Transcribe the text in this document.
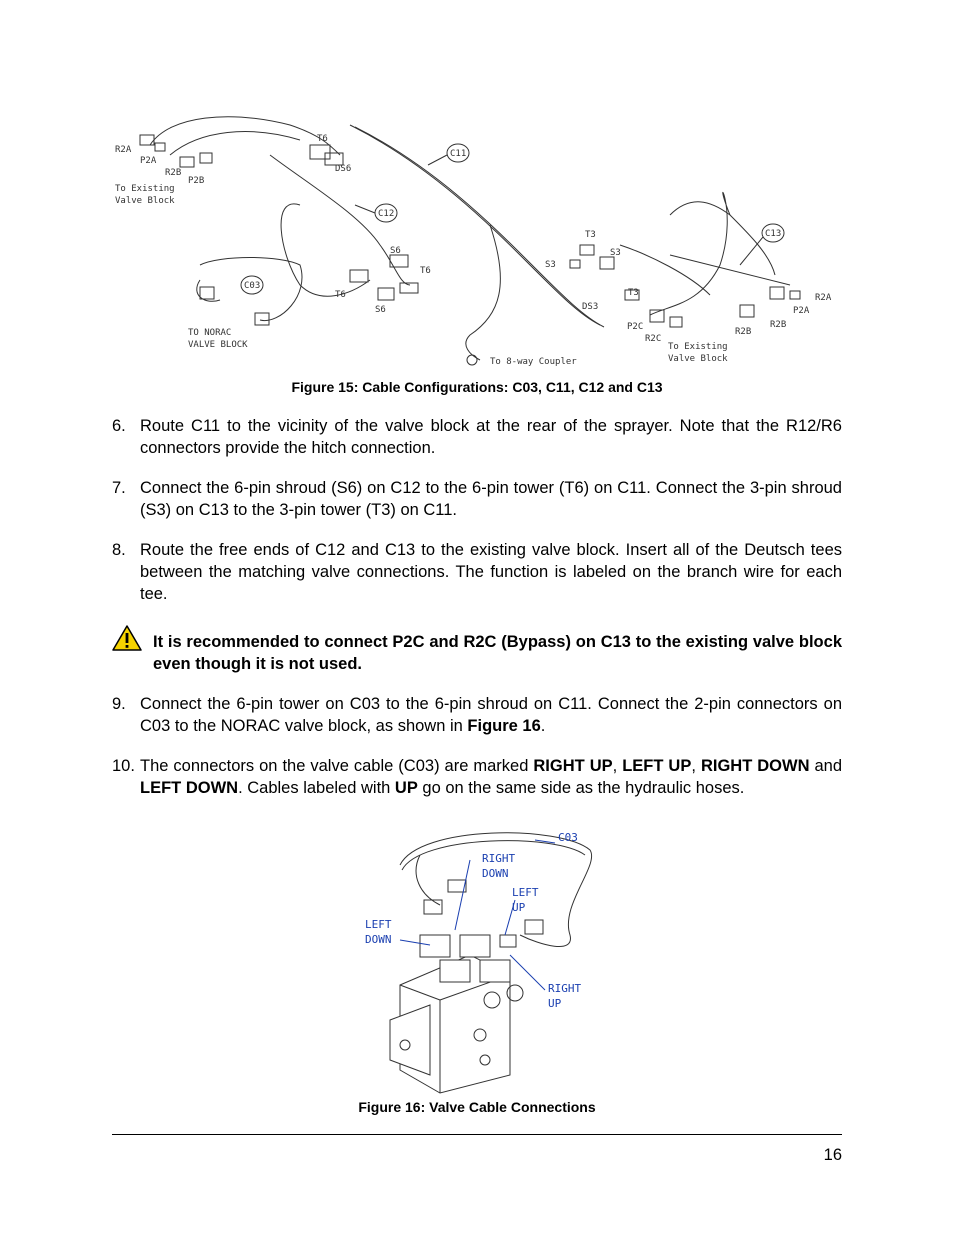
C11
C12
C03
C13
T6
DS6
S6
T6
T6
S6
T3
S3
S3
T3
DS3
R2A
P2A
R2B
P2B
To Existing
Valve Block
TO NORAC
VALVE BLOCK
To 8-way Coupler
P2C
R2C
R2B
R2B
P2A
R2A
To Existing
Valve Block
Figure 15: Cable Configurations: C03, C11, C12 and C13
6. Route C11 to the vicinity of the valve block at the rear of the sprayer. Note that the R12/R6 connectors provide the hitch connection.
7. Connect the 6-pin shroud (S6) on C12 to the 6-pin tower (T6) on C11. Connect the 3-pin shroud (S3) on C13 to the 3-pin tower (T3) on C11.
8. Route the free ends of C12 and C13 to the existing valve block. Insert all of the Deutsch tees between the matching valve connections. The function is labeled on the branch wire for each tee.
It is recommended to connect P2C and R2C (Bypass) on C13 to the existing valve block even though it is not used.
9. Connect the 6-pin tower on C03 to the 6-pin shroud on C11. Connect the 2-pin connectors on C03 to the NORAC valve block, as shown in Figure 16.
10. The connectors on the valve cable (C03) are marked RIGHT UP, LEFT UP, RIGHT DOWN and LEFT DOWN. Cables labeled with UP go on the same side as the hydraulic hoses.
C03
RIGHT
DOWN
LEFT
UP
LEFT
DOWN
RIGHT
UP
Figure 16: Valve Cable Connections
16
